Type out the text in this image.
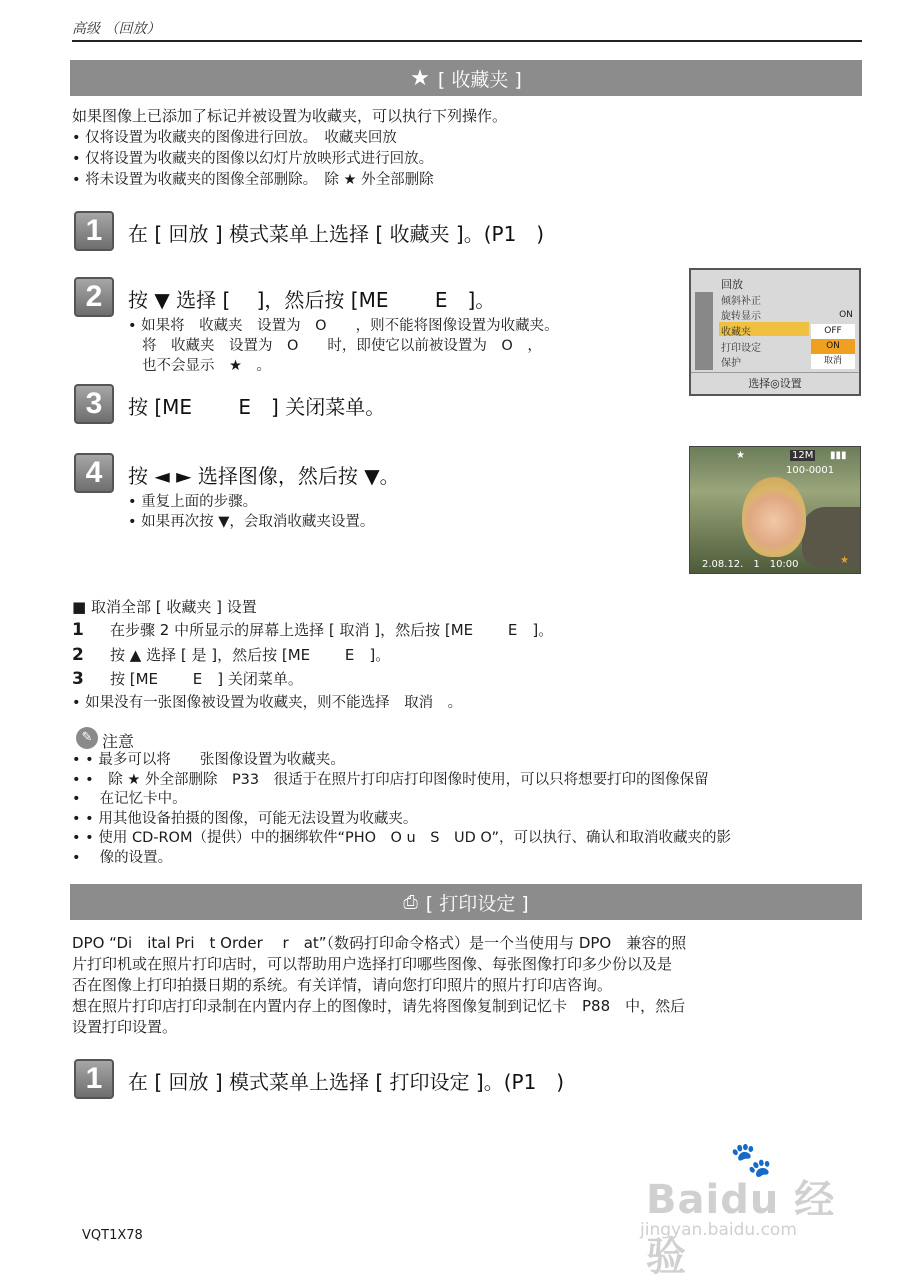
高级 （回放）
★ [ 收藏夹 ]
如果图像上已添加了标记并被设置为收藏夹，可以执行下列操作。
• 仅将设置为收藏夹的图像进行回放。　收藏夹回放
• 仅将设置为收藏夹的图像以幻灯片放映形式进行回放。
• 将未设置为收藏夹的图像全部删除。　除 ★ 外全部删除
1	在 [ 回放 ] 模式菜单上选择 [ 收藏夹 ]。(P1　)
2	按 ▼ 选择 [　 ]，然后按 [ME　　 E　]。
• 如果将　收藏夹　设置为　O　　，则不能将图像设置为收藏夹。
将　收藏夹　设置为　O　　时，即使它以前被设置为　O　，
也不会显示　★　。
回放
倾斜补正
旋转显示
收藏夹
打印设定
保护
ON
OFF
ON
取消
选择◎设置
3	按 [ME　　 E　] 关闭菜单。
4	按 ◄ ► 选择图像，然后按 ▼。
• 重复上面的步骤。
• 如果再次按 ▼，会取消收藏夹设置。
★	12M ▮▮▮
100-0001
2.08.12.　1　10:00	★
■ 取消全部 [ 收藏夹 ] 设置
1 在步骤 2 中所显示的屏幕上选择 [ 取消 ]，然后按 [ME　　 E　]。
2 按 ▲ 选择 [ 是 ]，然后按 [ME　　 E　]。
3 按 [ME　　 E　] 关闭菜单。
• 如果没有一张图像被设置为收藏夹，则不能选择　取消　。
✎ 注意
• • 最多可以将　　张图像设置为收藏夹。
• •　除 ★ 外全部删除　P33　很适于在照片打印店打印图像时使用，可以只将想要打印的图像保留
• 　在记忆卡中。
• • 用其他设备拍摄的图像，可能无法设置为收藏夹。
• • 使用 CD-ROM（提供）中的捆绑软件“PHO　O u　S　UD O”，可以执行、确认和取消收藏夹的影
• 　像的设置。
⎙ [ 打印设定 ]
DPO “Di　ital Pri　t Order　 r　at”（数码打印命令格式）是一个当使用与 DPO　兼容的照
片打印机或在照片打印店时，可以帮助用户选择打印哪些图像、每张图像打印多少份以及是
否在图像上打印拍摄日期的系统。有关详情，请向您打印照片的照片打印店咨询。
想在照片打印店打印录制在内置内存上的图像时，请先将图像复制到记忆卡　P88　中，然后
设置打印设置。
1	在 [ 回放 ] 模式菜单上选择 [ 打印设定 ]。(P1　)
VQT1X78
🐾
Baidu 经验
jingyan.baidu.com
